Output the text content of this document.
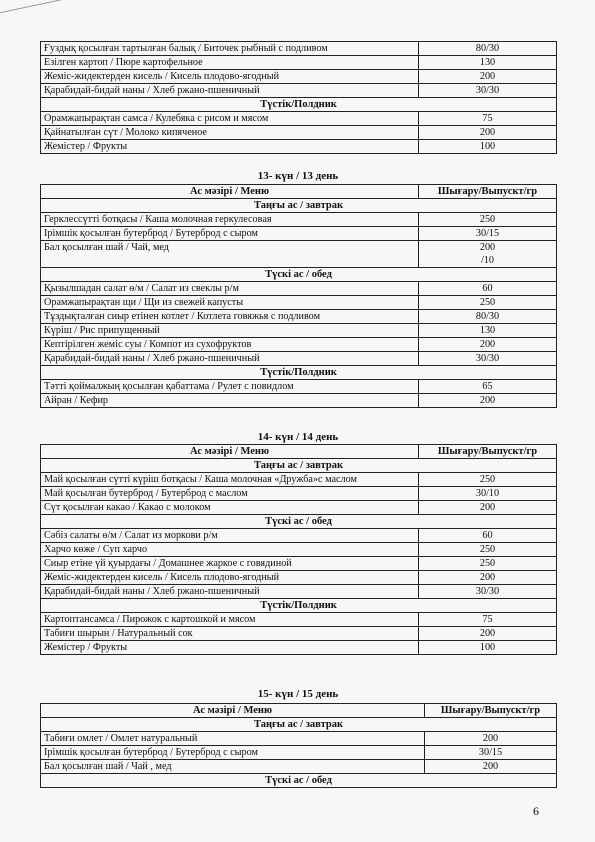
Ғуздық қосылған тартылған балық / Биточек рыбный с подливом	80/30

Езілген картоп / Пюре картофельное	130

Жеміс-жидектерден кисель / Кисель плодово-ягодный	200

Қарабидай-бидай наны / Хлеб ржано-пшеничный	30/30

Түстік/Полдник	
Орамжапырақтан самса / Кулебяка с рисом и мясом	75

Қайнатылған сүт / Молоко кипяченое	200

Жемістер / Фрукты	100
13- күн / 13 день
Ас мәзірі / Меню	Шығару/Выпускт/гр
Таңғы ас / завтрак	
Герклессүтті ботқасы / Каша молочная геркулесовая	250

Ірімшік қосылған бутерброд / Бутерброд с сыром	30/15

Бал қосылған шай / Чай, мед	200
/10

Түскі ас / обед	
Қызылшадан салат ө/м / Салат из свеклы р/м	60

Орамжапырақтан щи / Щи из свежей капусты	250

Тұздықталған сиыр етінен котлет / Котлета говяжья с подливом	80/30

Күріш / Рис припущенный	130

Кептірілген жеміс суы / Компот из сухофруктов	200

Қарабидай-бидай наны / Хлеб ржано-пшеничный	30/30

Түстік/Полдник	
Тәтті қоймалжың қосылған қабаттама / Рулет с повидлом	65

Айран / Кефир	200
14- күн / 14 день
Ас мәзірі / Меню	Шығару/Выпускт/гр
Таңғы ас / завтрак	
Май қосылған сүтті күріш ботқасы / Каша молочная «Дружба»с маслом	250

Май қосылған бутерброд / Бутерброд с маслом	30/10

Сүт қосылған какао / Какао с молоком	200

Түскі ас / обед	
Сәбіз салаты ө/м / Салат из моркови р/м	60

Харчо көже / Суп харчо	250

Сиыр етіне үй қуырдағы / Домашнее жаркое с говядиной	250

Жеміс-жидектерден кисель / Кисель плодово-ягодный	200

Қарабидай-бидай наны / Хлеб ржано-пшеничный	30/30

Түстік/Полдник	
Картоптансамса / Пирожок с картошкой и мясом	75

Табиғи шырын / Натуральный сок	200

Жемістер / Фрукты	100
15- күн / 15 день
Ас мәзірі / Меню	Шығару/Выпускт/гр
Таңғы ас / завтрак	
Табиғи омлет / Омлет натуральный	200

Ірімшік қосылған бутерброд / Бутерброд с сыром	30/15

Бал қосылған шай / Чай , мед	200

Түскі ас / обед	
6
